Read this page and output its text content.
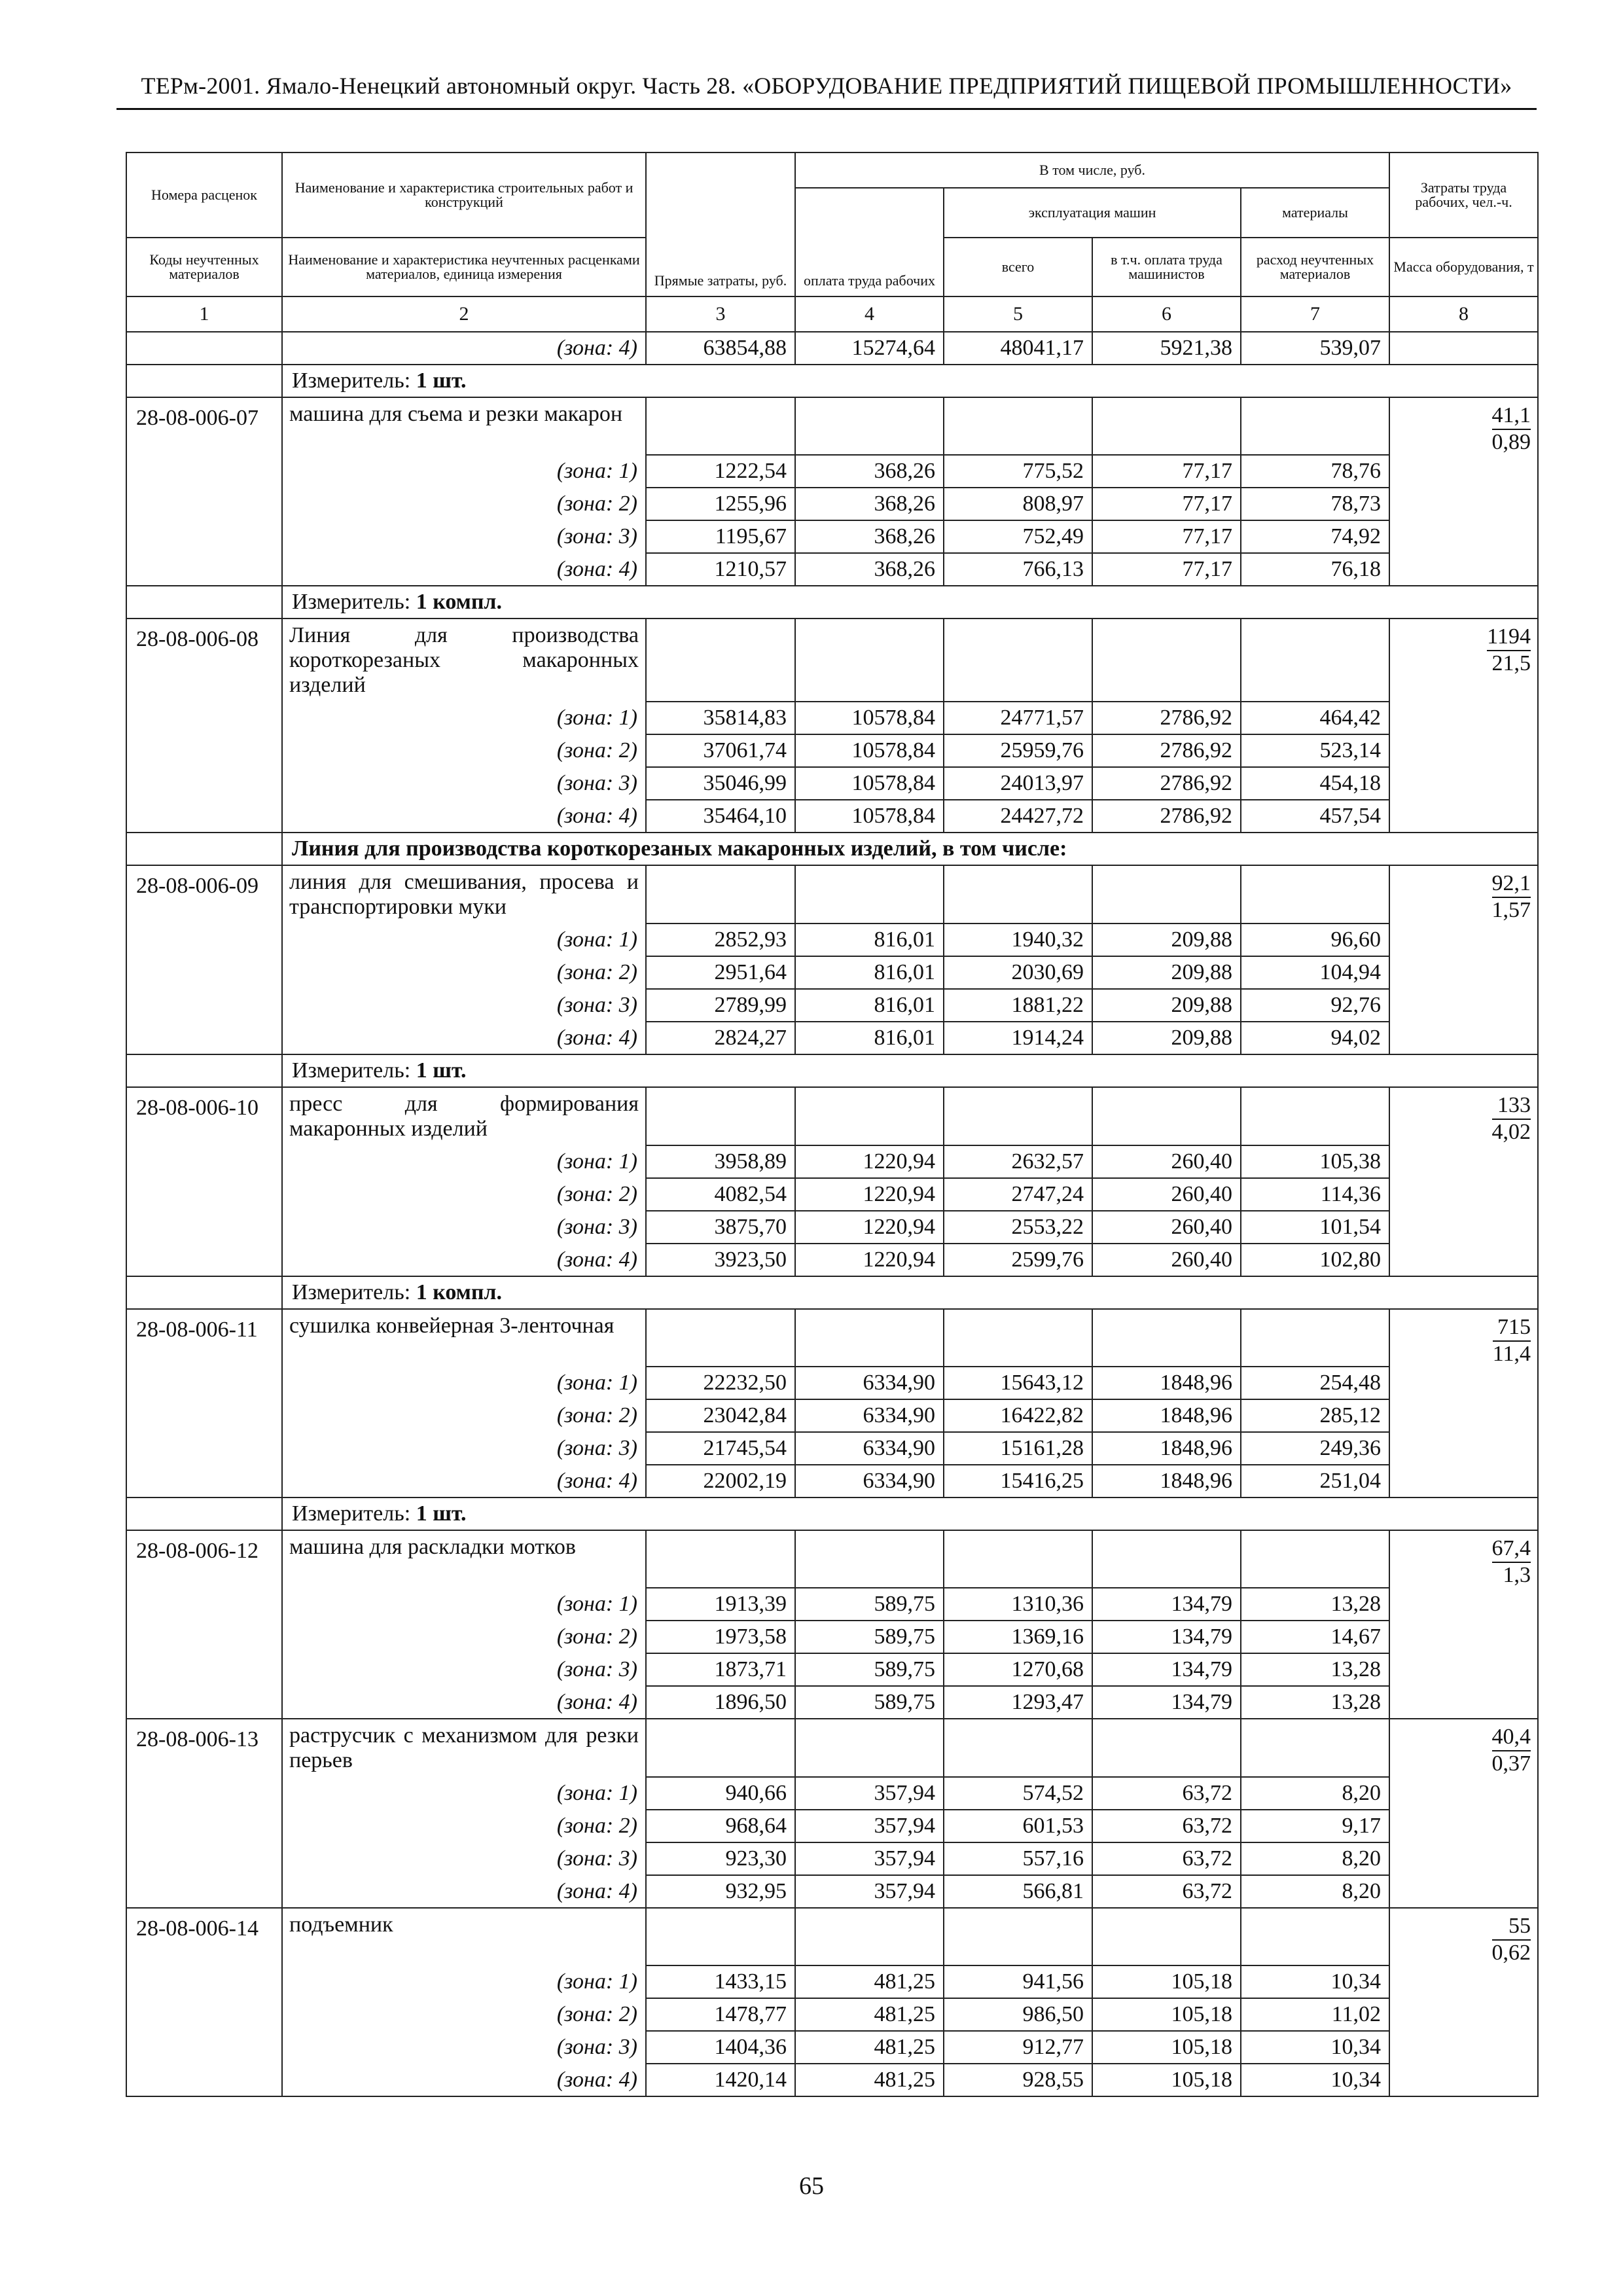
ТЕРм-2001. Ямало-Ненецкий автономный округ. Часть 28. «ОБОРУДОВАНИЕ ПРЕДПРИЯТИЙ ПИЩЕВОЙ ПРОМЫШЛЕННОСТИ»
Номера расценок	Наименование и характеристика строительных работ и конструкций	Прямые затраты, руб.	В том числе, руб.				Затраты труда рабочих, чел.-ч.
			оплата труда рабочих	эксплуатация машин		материалы	

Коды неучтенных материалов	Наименование и характеристика неучтенных расценками материалов, единица измерения			всего	в т.ч. оплата труда машинистов	расход неучтенных материалов	Масса оборудования, т
1	2	3	4	5	6	7	8
	(зона: 4)	63854,88	15274,64	48041,17	5921,38	539,07	
	Измеритель: 1 шт.						
28-08-006-07	машина для съема и резки макарон						$\frac{41,1}{0,89}$

	(зона: 1)	1222,54	368,26	775,52	77,17	78,76	
	(зона: 2)	1255,96	368,26	808,97	77,17	78,73	
	(зона: 3)	1195,67	368,26	752,49	77,17	74,92	
	(зона: 4)	1210,57	368,26	766,13	77,17	76,18	
	Измеритель: 1 компл.						
28-08-006-08	Линия для производства короткорезаных макаронных изделий						$\frac{1194}{21,5}$

	(зона: 1)	35814,83	10578,84	24771,57	2786,92	464,42	
	(зона: 2)	37061,74	10578,84	25959,76	2786,92	523,14	
	(зона: 3)	35046,99	10578,84	24013,97	2786,92	454,18	
	(зона: 4)	35464,10	10578,84	24427,72	2786,92	457,54	
	Линия для производства короткорезаных макаронных изделий, в том числе:						
28-08-006-09	линия для смешивания, просева и транспортировки муки						$\frac{92,1}{1,57}$

	(зона: 1)	2852,93	816,01	1940,32	209,88	96,60	
	(зона: 2)	2951,64	816,01	2030,69	209,88	104,94	
	(зона: 3)	2789,99	816,01	1881,22	209,88	92,76	
	(зона: 4)	2824,27	816,01	1914,24	209,88	94,02	
	Измеритель: 1 шт.						
28-08-006-10	пресс для формирования макаронных изделий						$\frac{133}{4,02}$

	(зона: 1)	3958,89	1220,94	2632,57	260,40	105,38	
	(зона: 2)	4082,54	1220,94	2747,24	260,40	114,36	
	(зона: 3)	3875,70	1220,94	2553,22	260,40	101,54	
	(зона: 4)	3923,50	1220,94	2599,76	260,40	102,80	
	Измеритель: 1 компл.						
28-08-006-11	сушилка конвейерная 3-ленточная						$\frac{715}{11,4}$

	(зона: 1)	22232,50	6334,90	15643,12	1848,96	254,48	
	(зона: 2)	23042,84	6334,90	16422,82	1848,96	285,12	
	(зона: 3)	21745,54	6334,90	15161,28	1848,96	249,36	
	(зона: 4)	22002,19	6334,90	15416,25	1848,96	251,04	
	Измеритель: 1 шт.						
28-08-006-12	машина для раскладки мотков						$\frac{67,4}{1,3}$

	(зона: 1)	1913,39	589,75	1310,36	134,79	13,28	
	(зона: 2)	1973,58	589,75	1369,16	134,79	14,67	
	(зона: 3)	1873,71	589,75	1270,68	134,79	13,28	
	(зона: 4)	1896,50	589,75	1293,47	134,79	13,28	
28-08-006-13	раструсчик с механизмом для резки перьев						$\frac{40,4}{0,37}$

	(зона: 1)	940,66	357,94	574,52	63,72	8,20	
	(зона: 2)	968,64	357,94	601,53	63,72	9,17	
	(зона: 3)	923,30	357,94	557,16	63,72	8,20	
	(зона: 4)	932,95	357,94	566,81	63,72	8,20	
28-08-006-14	подъемник						$\frac{55}{0,62}$

	(зона: 1)	1433,15	481,25	941,56	105,18	10,34	
	(зона: 2)	1478,77	481,25	986,50	105,18	11,02	
	(зона: 3)	1404,36	481,25	912,77	105,18	10,34	
	(зона: 4)	1420,14	481,25	928,55	105,18	10,34	
65
